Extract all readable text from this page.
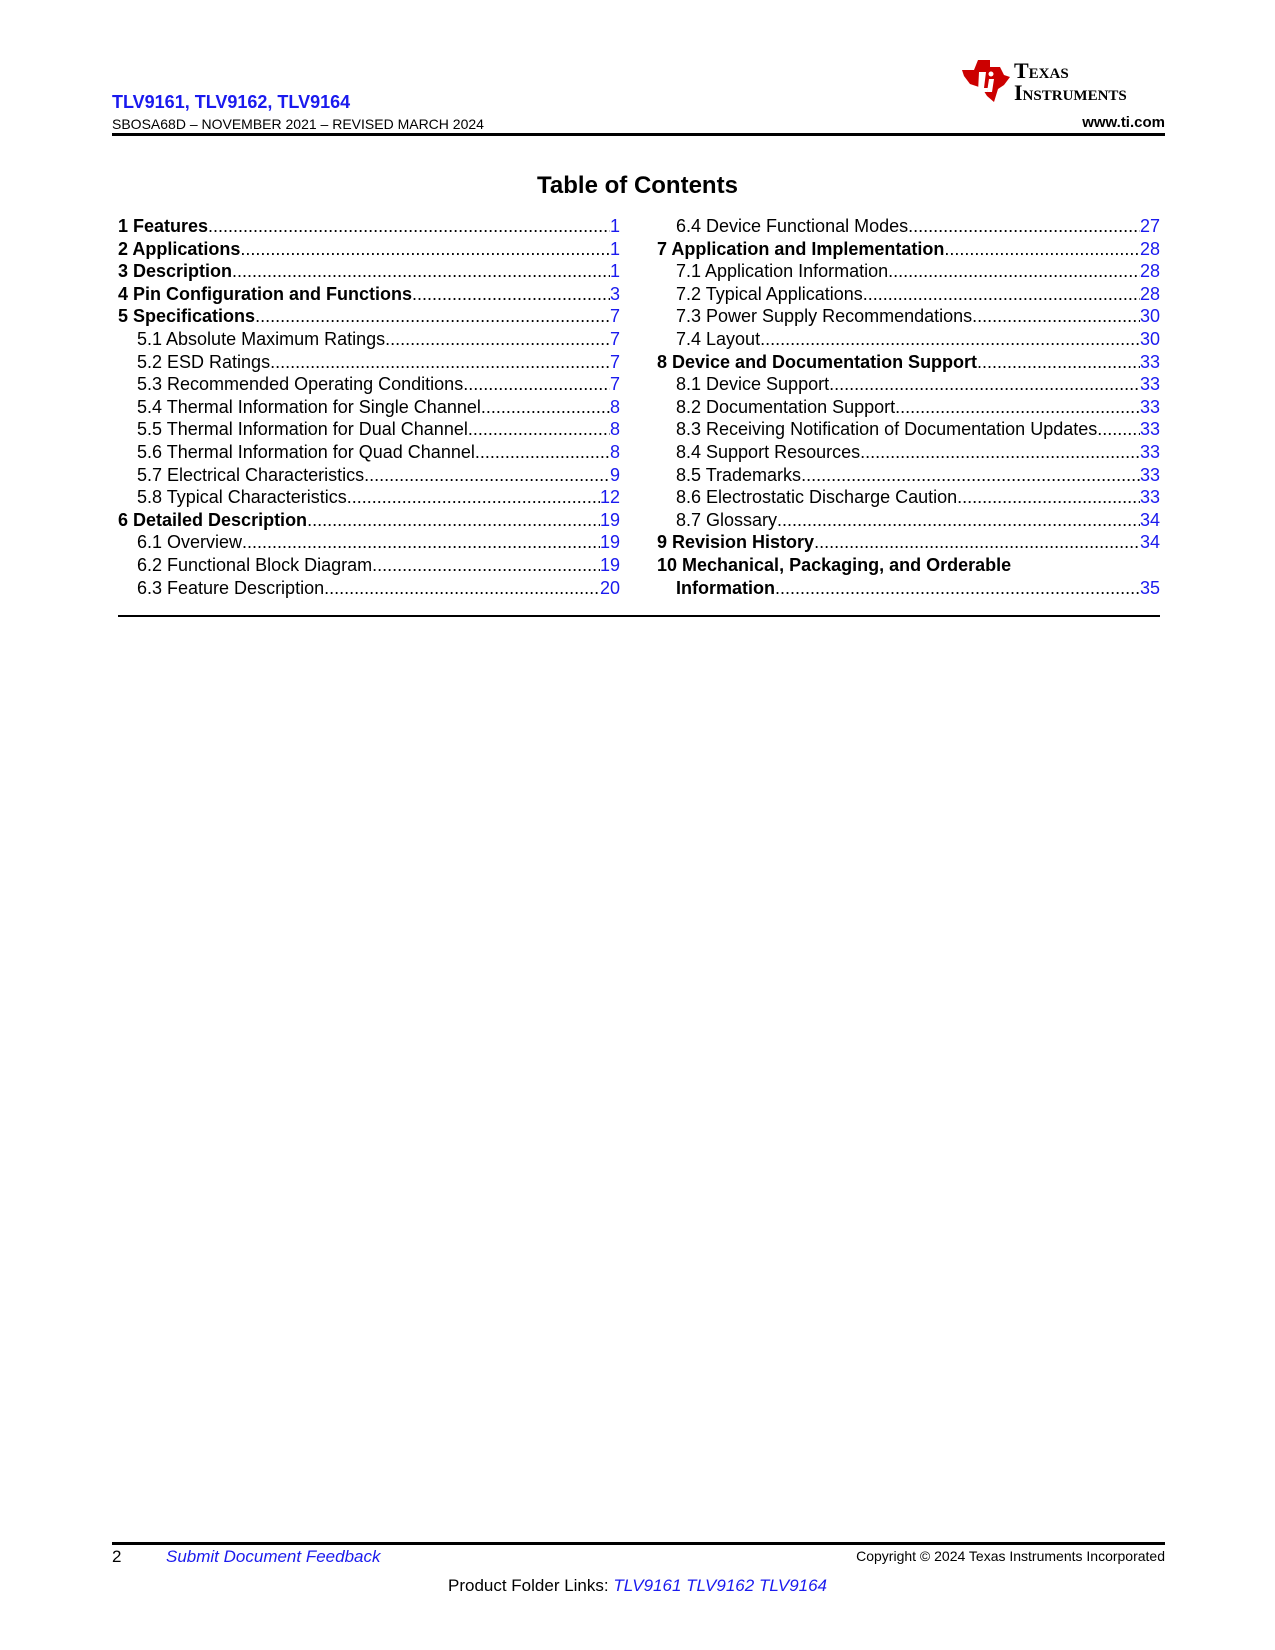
TLV9161, TLV9162, TLV9164
SBOSA68D – NOVEMBER 2021 – REVISED MARCH 2024
Texas
Instruments
www.ti.com
Table of Contents
1 Features .....	1
2 Applications .....	1
3 Description .....	1
4 Pin Configuration and Functions .....	3
5 Specifications .....	7
5.1 Absolute Maximum Ratings .....	7
5.2 ESD Ratings .....	7
5.3 Recommended Operating Conditions .....	7
5.4 Thermal Information for Single Channel .....	8
5.5 Thermal Information for Dual Channel .....	8
5.6 Thermal Information for Quad Channel .....	8
5.7 Electrical Characteristics .....	9
5.8 Typical Characteristics .....	12
6 Detailed Description .....	19
6.1 Overview .....	19
6.2 Functional Block Diagram .....	19
6.3 Feature Description .....	20
6.4 Device Functional Modes .....	27
7 Application and Implementation .....	28
7.1 Application Information .....	28
7.2 Typical Applications .....	28
7.3 Power Supply Recommendations .....	30
7.4 Layout .....	30
8 Device and Documentation Support .....	33
8.1 Device Support .....	33
8.2 Documentation Support .....	33
8.3 Receiving Notification of Documentation Updates ..... 33
8.4 Support Resources .....	33
8.5 Trademarks .....	33
8.6 Electrostatic Discharge Caution .....	33
8.7 Glossary .....	34
9 Revision History .....	34
10 Mechanical, Packaging, and Orderable
Information .....	35
2	Submit Document Feedback	Copyright © 2024 Texas Instruments Incorporated
Product Folder Links: TLV9161 TLV9162 TLV9164
